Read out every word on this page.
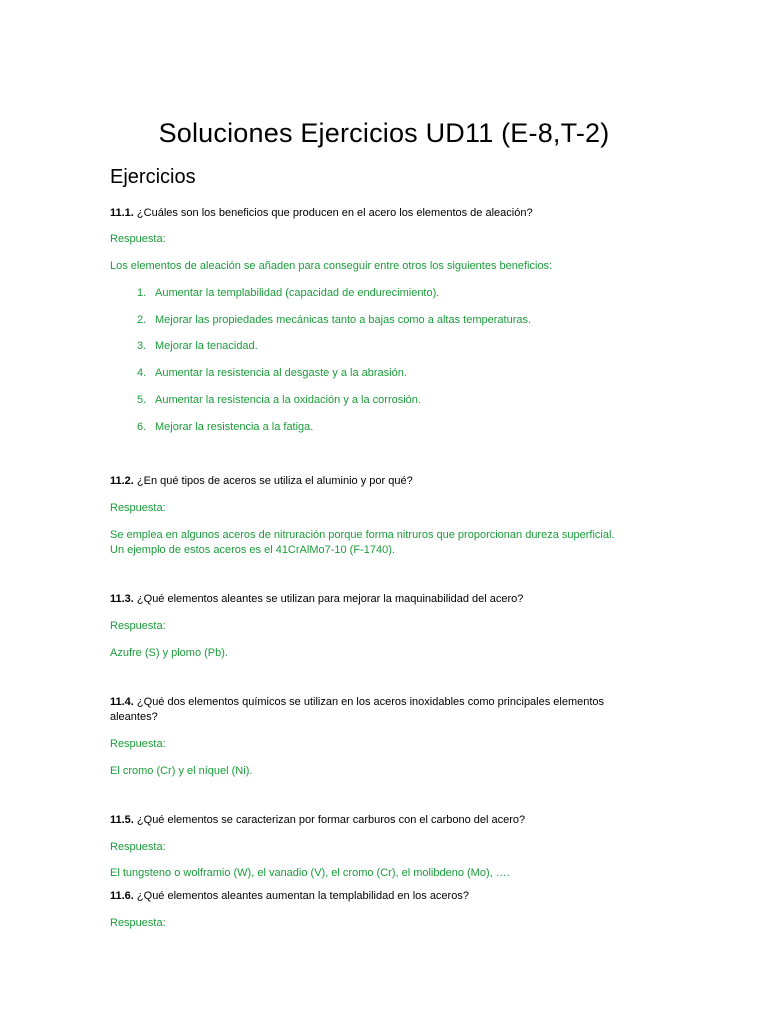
Soluciones Ejercicios UD11 (E-8,T-2)
Ejercicios

11.1. ¿Cuáles son los beneficios que producen en el acero los elementos de aleación?

Respuesta:

Los elementos de aleación se añaden para conseguir entre otros los siguientes beneficios:

1. Aumentar la templabilidad (capacidad de endurecimiento).
2. Mejorar las propiedades mecánicas tanto a bajas como a altas temperaturas.
3. Mejorar la tenacidad.
4. Aumentar la resistencia al desgaste y a la abrasión.
5. Aumentar la resistencia a la oxidación y a la corrosión.
6. Mejorar la resistencia a la fatiga.

11.2. ¿En qué tipos de aceros se utiliza el aluminio y por qué?

Respuesta:

Se emplea en algunos aceros de nitruración porque forma nitruros que proporcionan dureza superficial.

Un ejemplo de estos aceros es el 41CrAlMo7-10 (F-1740).

11.3. ¿Qué elementos aleantes se utilizan para mejorar la maquinabilidad del acero?

Respuesta:

Azufre (S) y plomo (Pb).

11.4. ¿Qué dos elementos químicos se utilizan en los aceros inoxidables como principales elementos

aleantes?

Respuesta:

El cromo (Cr) y el níquel (Ni).

11.5. ¿Qué elementos se caracterizan por formar carburos con el carbono del acero?

Respuesta:

El tungsteno o wolframio (W), el vanadio (V), el cromo (Cr), el molibdeno (Mo), ….

11.6. ¿Qué elementos aleantes aumentan la templabilidad en los aceros?

Respuesta:
